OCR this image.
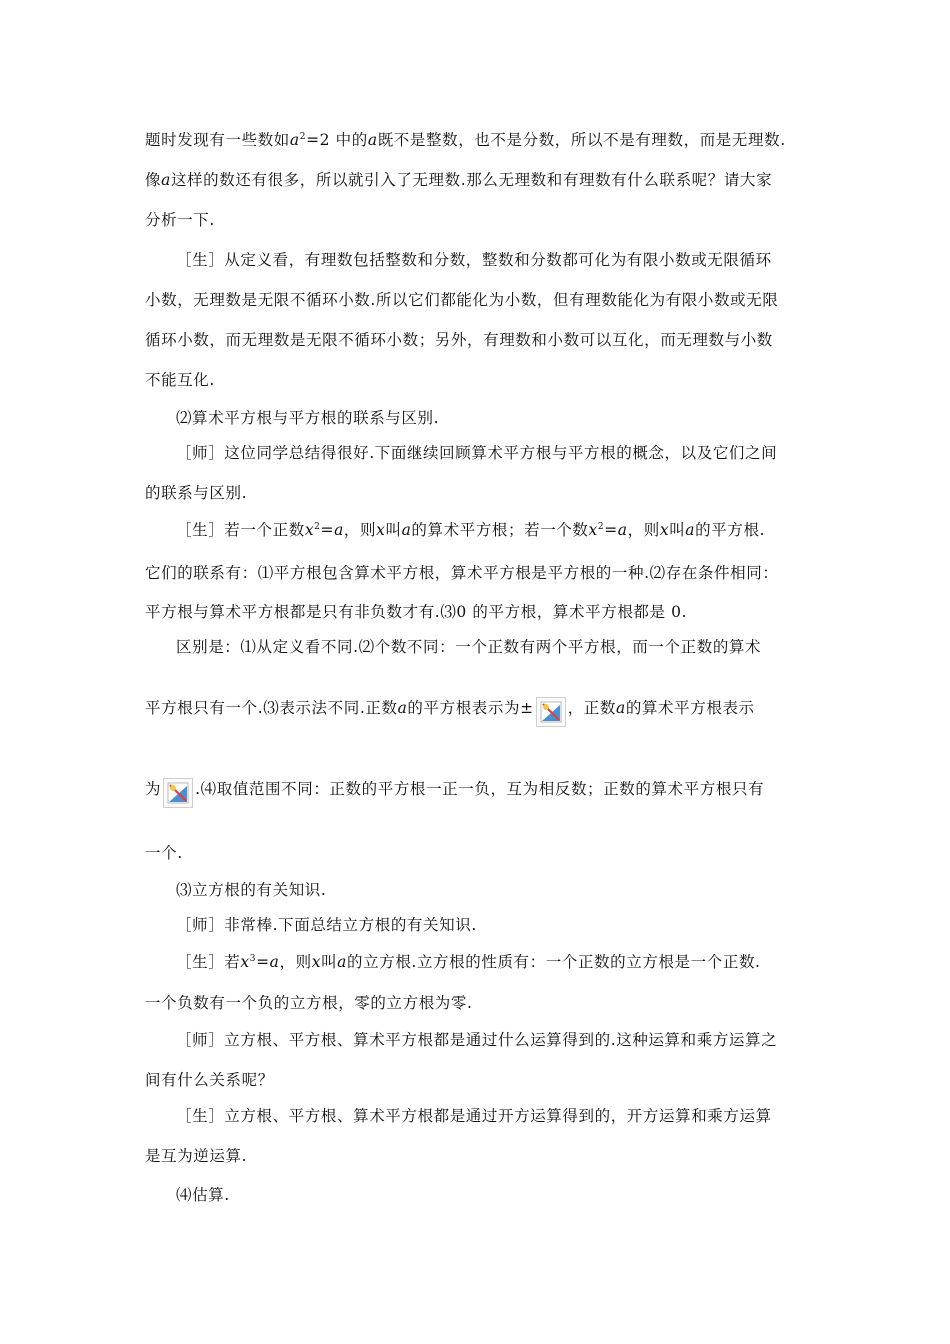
题时发现有一些数如$a^2=2$ 中的a既不是整数，也不是分数，所以不是有理数，而是无理数.
像a这样的数还有很多，所以就引入了无理数.那么无理数和有理数有什么联系呢？请大家
分析一下.
［生］从定义看，有理数包括整数和分数，整数和分数都可化为有限小数或无限循环
小数，无理数是无限不循环小数.所以它们都能化为小数，但有理数能化为有限小数或无限
循环小数，而无理数是无限不循环小数；另外，有理数和小数可以互化，而无理数与小数
不能互化.
⑵算术平方根与平方根的联系与区别.
［师］这位同学总结得很好.下面继续回顾算术平方根与平方根的概念，以及它们之间
的联系与区别.
［生］若一个正数$x^2=a$，则x叫a的算术平方根；若一个数$x^2=a$，则x叫a的平方根.
它们的联系有：⑴平方根包含算术平方根，算术平方根是平方根的一种.⑵存在条件相同：
平方根与算术平方根都是只有非负数才有.⑶0 的平方根，算术平方根都是 0.
区别是：⑴从定义看不同.⑵个数不同：一个正数有两个平方根，而一个正数的算术
平方根只有一个.⑶表示法不同.正数a的平方根表示为± ，正数a的算术平方根表示
为 .⑷取值范围不同：正数的平方根一正一负，互为相反数；正数的算术平方根只有
一个.
⑶立方根的有关知识.
［师］非常棒.下面总结立方根的有关知识.
［生］若$x^3=a$，则x叫a的立方根.立方根的性质有：一个正数的立方根是一个正数.
一个负数有一个负的立方根，零的立方根为零.
［师］立方根、平方根、算术平方根都是通过什么运算得到的.这种运算和乘方运算之
间有什么关系呢？
［生］立方根、平方根、算术平方根都是通过开方运算得到的，开方运算和乘方运算
是互为逆运算.
⑷估算.
